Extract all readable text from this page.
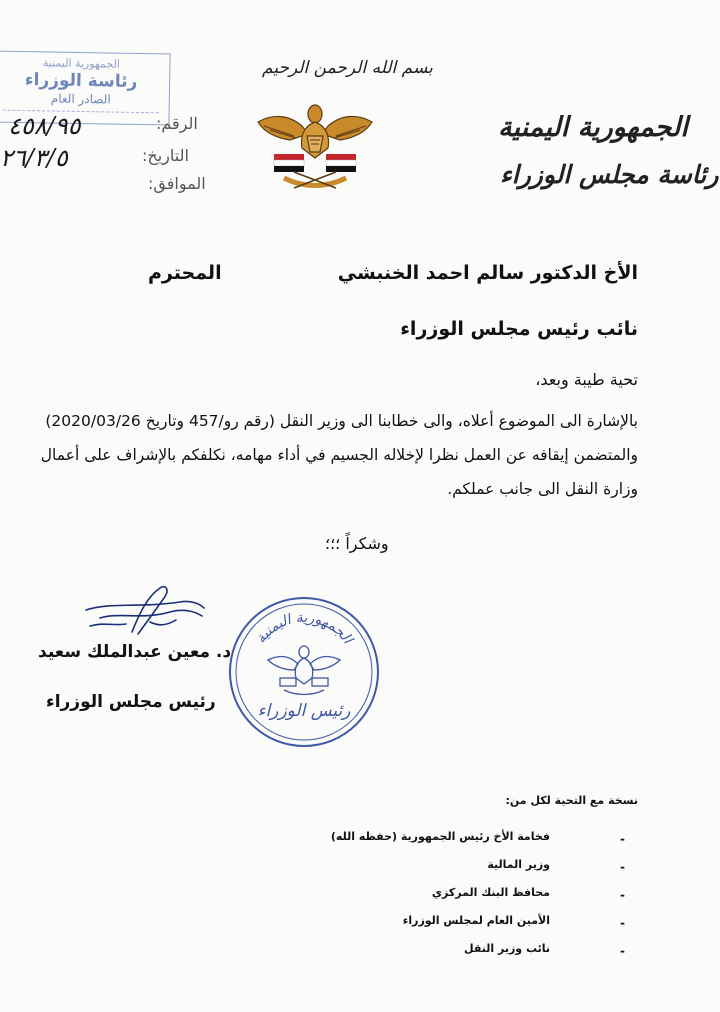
بسم الله الرحمن الرحيم
الجمهورية اليمنية
رئاسة مجلس الوزراء
الجمهورية اليمنية
رئاسة الوزراء
الصادر العام
الرقم:
التاريخ:
الموافق:
٤٥٨/٩٥
٢٦/٣/٥
الأخ الدكتور سالم احمد الخنبشي
المحترم
نائب رئيس مجلس الوزراء
تحية طيبة وبعد،
بالإشارة الى الموضوع أعلاه، والى خطابنا الى وزير النقل (رقم رو/457 وتاريخ 2020/03/26)
والمتضمن إيقافه عن العمل نظرا لإخلاله الجسيم في أداء مهامه، نكلفكم بالإشراف على أعمال
وزارة النقل الى جانب عملكم.
وشكراً ؛؛؛
د. معين عبدالملك سعيد
رئيس مجلس الوزراء
الجمهورية اليمنية
رئيس الوزراء
نسخة مع التحية لكل من:
-
فخامة الأخ رئيس الجمهورية (حفظه الله)
-
وزير المالية
-
محافظ البنك المركزي
-
الأمين العام لمجلس الوزراء
-
نائب وزير النقل
